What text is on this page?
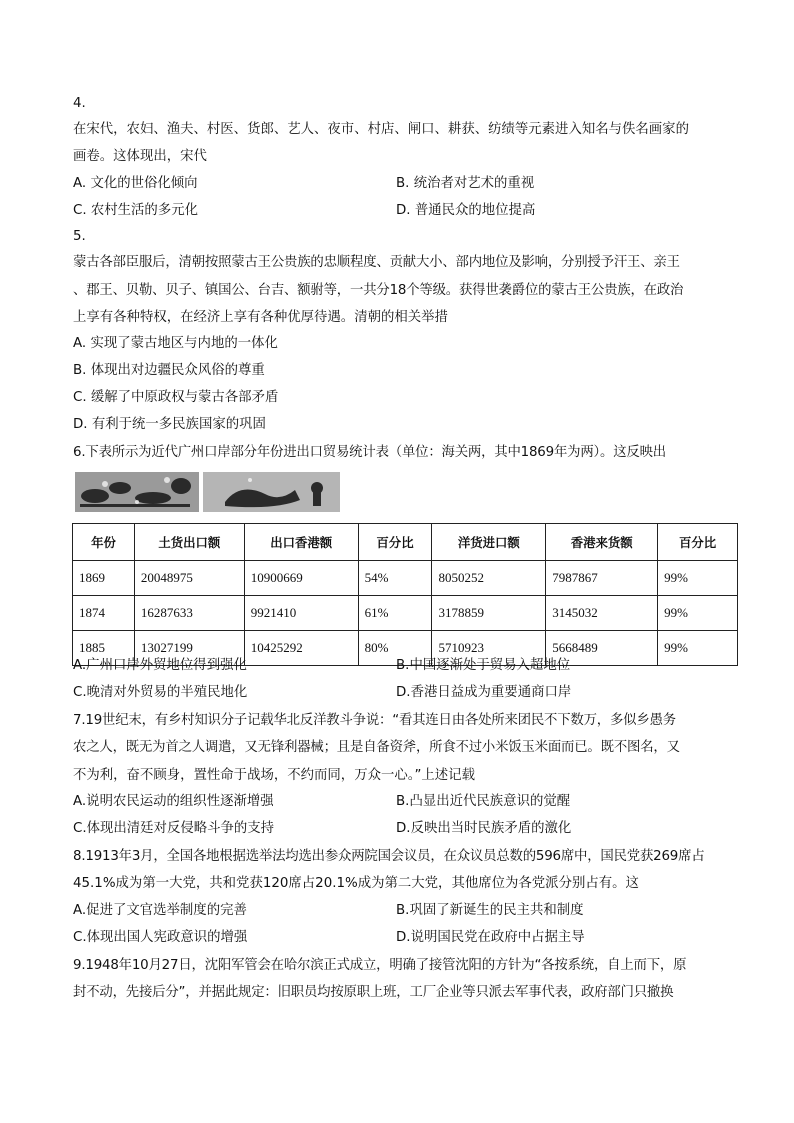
4.
在宋代，农妇、渔夫、村医、货郎、艺人、夜市、村店、闸口、耕获、纺绩等元素进入知名与佚名画家的
画卷。这体现出，宋代
A. 文化的世俗化倾向	B. 统治者对艺术的重视
C. 农村生活的多元化	D. 普通民众的地位提高
5.
蒙古各部臣服后，清朝按照蒙古王公贵族的忠顺程度、贡献大小、部内地位及影响，分别授予汗王、亲王
、郡王、贝勒、贝子、镇国公、台吉、额驸等，一共分18个等级。获得世袭爵位的蒙古王公贵族，在政治
上享有各种特权，在经济上享有各种优厚待遇。清朝的相关举措
A. 实现了蒙古地区与内地的一体化
B. 体现出对边疆民众风俗的尊重
C. 缓解了中原政权与蒙古各部矛盾
D. 有利于统一多民族国家的巩固
6.下表所示为近代广州口岸部分年份进出口贸易统计表（单位：海关两，其中1869年为两）。这反映出
年份	土货出口额	出口香港额	百分比	洋货进口额	香港来货额	百分比
1869	20048975	10900669	54%	8050252	7987867	99%
1874	16287633	9921410	61%	3178859	3145032	99%
1885	13027199	10425292	80%	5710923	5668489	99%
A.广州口岸外贸地位得到强化	B.中国逐渐处于贸易入超地位
C.晚清对外贸易的半殖民地化	D.香港日益成为重要通商口岸
7.19世纪末，有乡村知识分子记载华北反洋教斗争说：“看其连日由各处所来团民不下数万，多似乡愚务
农之人，既无为首之人调遣，又无锋利器械；且是自备资斧，所食不过小米饭玉米面而已。既不图名，又
不为利，奋不顾身，置性命于战场，不约而同，万众一心。”上述记载
A.说明农民运动的组织性逐渐增强	B.凸显出近代民族意识的觉醒
C.体现出清廷对反侵略斗争的支持	D.反映出当时民族矛盾的激化
8.1913年3月，全国各地根据选举法均选出参众两院国会议员，在众议员总数的596席中，国民党获269席占
45.1%成为第一大党，共和党获120席占20.1%成为第二大党，其他席位为各党派分别占有。这
A.促进了文官选举制度的完善	B.巩固了新诞生的民主共和制度
C.体现出国人宪政意识的增强	D.说明国民党在政府中占据主导
9.1948年10月27日，沈阳军管会在哈尔滨正式成立，明确了接管沈阳的方针为“各按系统，自上而下，原
封不动，先接后分”，并据此规定：旧职员均按原职上班，工厂企业等只派去军事代表，政府部门只撤换
